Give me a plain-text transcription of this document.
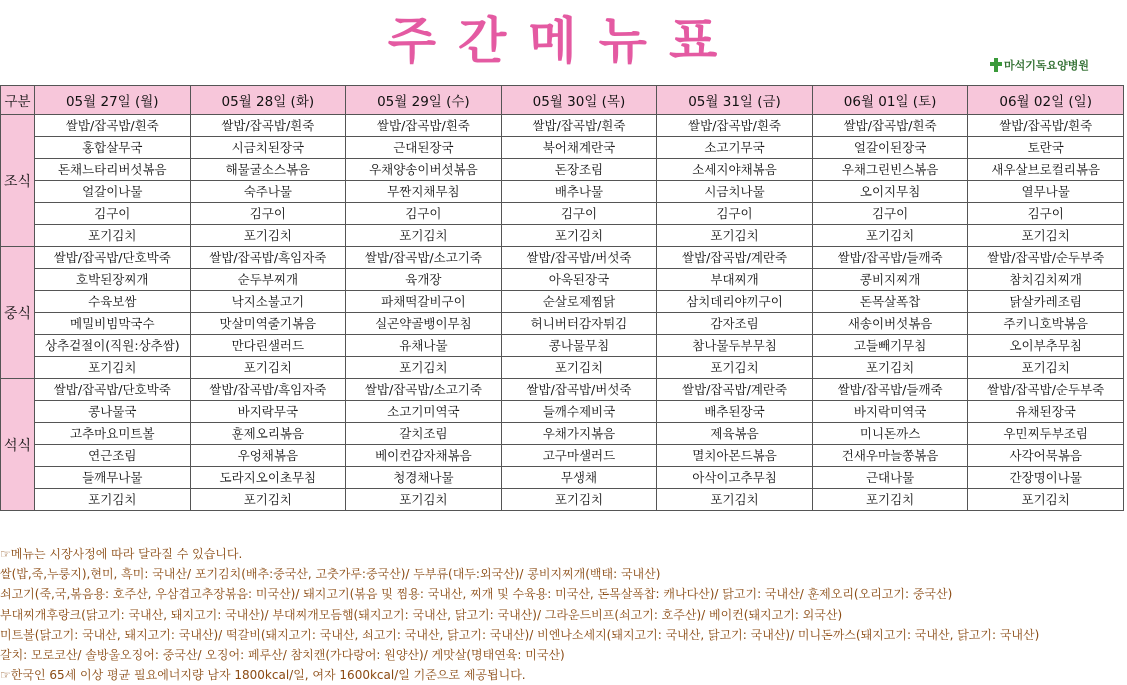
주간메뉴표	마석기독요양병원
구분	05월 27일 (월)	05월 28일 (화)	05월 29일 (수)	05월 30일 (목)	05월 31일 (금)	06월 01일 (토)	06월 02일 (일)
조식	쌀밥/잡곡밥/흰죽	쌀밥/잡곡밥/흰죽	쌀밥/잡곡밥/흰죽	쌀밥/잡곡밥/흰죽	쌀밥/잡곡밥/흰죽	쌀밥/잡곡밥/흰죽	쌀밥/잡곡밥/흰죽
	홍합살무국	시금치된장국	근대된장국	북어채계란국	소고기무국	얼갈이된장국	토란국
	돈채느타리버섯볶음	해물굴소스볶음	우채양송이버섯볶음	돈장조림	소세지야채볶음	우채그린빈스볶음	새우살브로컬리볶음
	얼갈이나물	숙주나물	무짠지채무침	배추나물	시금치나물	오이지무침	열무나물
	김구이	김구이	김구이	김구이	김구이	김구이	김구이
	포기김치	포기김치	포기김치	포기김치	포기김치	포기김치	포기김치
중식	쌀밥/잡곡밥/단호박죽	쌀밥/잡곡밥/흑임자죽	쌀밥/잡곡밥/소고기죽	쌀밥/잡곡밥/버섯죽	쌀밥/잡곡밥/계란죽	쌀밥/잡곡밥/들깨죽	쌀밥/잡곡밥/순두부죽
	호박된장찌개	순두부찌개	육개장	아욱된장국	부대찌개	콩비지찌개	참치김치찌개
	수육보쌈	낙지소불고기	파채떡갈비구이	순살로제찜닭	삼치데리야끼구이	돈목살폭찹	닭살카레조림
	메밀비빔막국수	맛살미역줄기볶음	실곤약골뱅이무침	허니버터감자튀김	감자조림	새송이버섯볶음	주키니호박볶음
	상추겉절이(직원:상추쌈)	만다린샐러드	유채나물	콩나물무침	참나물두부무침	고들빼기무침	오이부추무침
	포기김치	포기김치	포기김치	포기김치	포기김치	포기김치	포기김치
석식	쌀밥/잡곡밥/단호박죽	쌀밥/잡곡밥/흑임자죽	쌀밥/잡곡밥/소고기죽	쌀밥/잡곡밥/버섯죽	쌀밥/잡곡밥/계란죽	쌀밥/잡곡밥/들깨죽	쌀밥/잡곡밥/순두부죽
	콩나물국	바지락무국	소고기미역국	들깨수제비국	배추된장국	바지락미역국	유채된장국
	고추마요미트볼	훈제오리볶음	갈치조림	우채가지볶음	제육볶음	미니돈까스	우민찌두부조림
	연근조림	우엉채볶음	베이컨감자채볶음	고구마샐러드	멸치아몬드볶음	건새우마늘쫑볶음	사각어묵볶음
	들깨무나물	도라지오이초무침	청경채나물	무생채	아삭이고추무침	근대나물	간장명이나물
	포기김치	포기김치	포기김치	포기김치	포기김치	포기김치	포기김치
☞메뉴는 시장사정에 따라 달라질 수 있습니다.
쌀(밥,죽,누룽지),현미, 흑미: 국내산/ 포기김치(배추:중국산, 고춧가루:중국산)/ 두부류(대두:외국산)/ 콩비지찌개(백태: 국내산)
쇠고기(죽,국,볶음용: 호주산, 우삼겹고추장볶음: 미국산)/ 돼지고기(볶음 및 찜용: 국내산, 찌개 및 수육용: 미국산, 돈목살폭찹: 캐나다산)/ 닭고기: 국내산/ 훈제오리(오리고기: 중국산)
부대찌개후랑크(닭고기: 국내산, 돼지고기: 국내산)/ 부대찌개모듬햄(돼지고기: 국내산, 닭고기: 국내산)/ 그라운드비프(쇠고기: 호주산)/ 베이컨(돼지고기: 외국산)
미트볼(닭고기: 국내산, 돼지고기: 국내산)/ 떡갈비(돼지고기: 국내산, 쇠고기: 국내산, 닭고기: 국내산)/ 비엔나소세지(돼지고기: 국내산, 닭고기: 국내산)/ 미니돈까스(돼지고기: 국내산, 닭고기: 국내산)
갈치: 모로코산/ 솔방울오징어: 중국산/ 오징어: 페루산/ 참치캔(가다랑어: 원양산)/ 게맛살(명태연육: 미국산)
☞한국인 65세 이상 평균 필요에너지량 남자 1800kcal/일, 여자 1600kcal/일 기준으로 제공됩니다.
